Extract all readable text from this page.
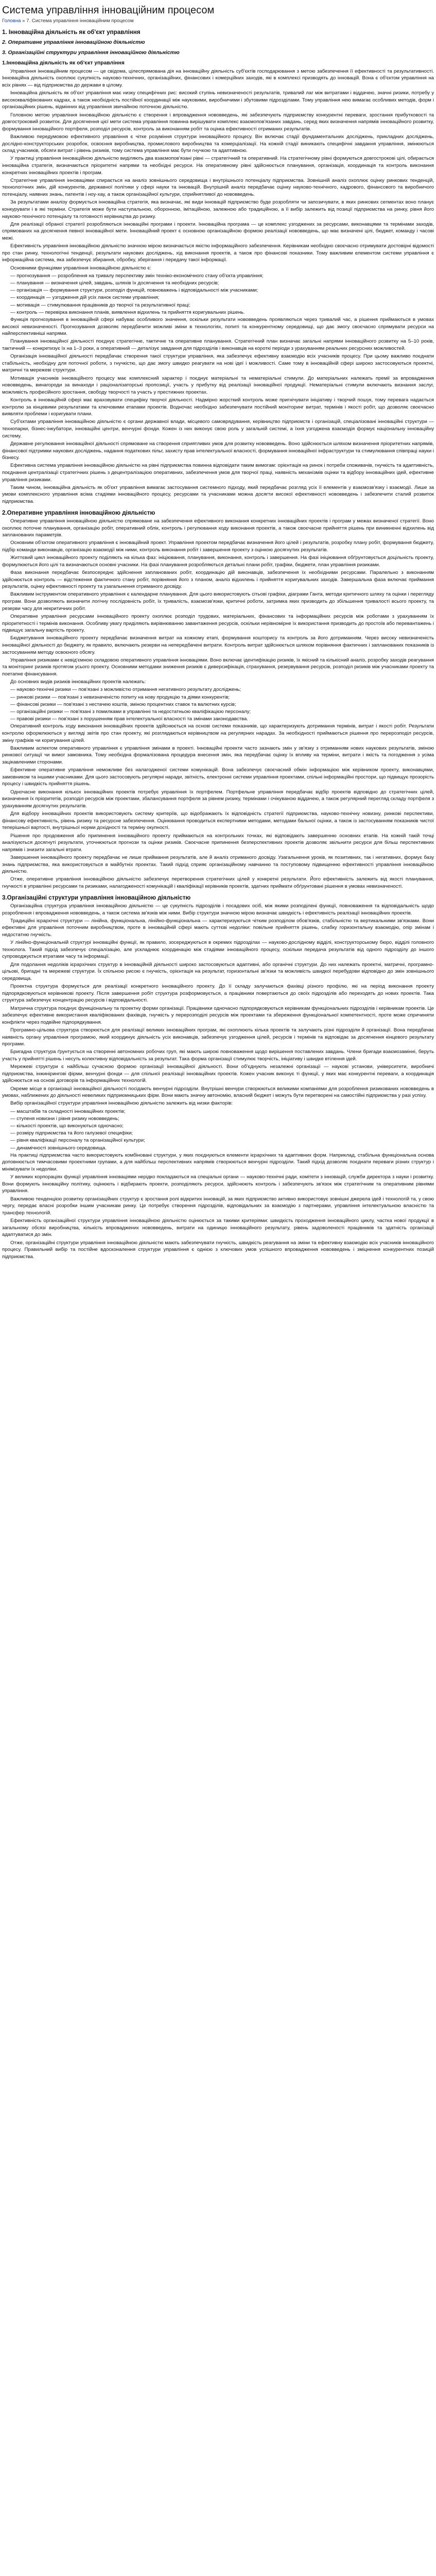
Система управління інноваційним процесом
Головна » 7. Система управління інноваційним процесом
1. Інноваційна діяльність як об'єкт управління
2. Оперативне управління інноваційною діяльністю
3. Організаційні структури управління інноваційною діяльністю
1.Інноваційна діяльність як об'єкт управління
Управління інноваційним процесом — це свідома, цілеспрямована дія на інноваційну діяльність суб'єктів господарювання з метою забезпечення її ефективності та результативності. Інноваційна діяльність охоплює сукупність науково-технічних, організаційних, фінансових і комерційних заходів, які в комплексі призводять до інновацій. Вона є об'єктом управління на всіх рівнях — від підприємства до держави в цілому.
Інноваційна діяльність як об'єкт управління має низку специфічних рис: високий ступінь невизначеності результатів, тривалий лаг між витратами і віддачею, значні ризики, потребу у висококваліфікованих кадрах, а також необхідність постійної координації між науковими, виробничими і збутовими підрозділами. Тому управління нею вимагає особливих методів, форм і організаційних рішень, відмінних від управління звичайною поточною діяльністю.
Головною метою управління інноваційною діяльністю є створення і впровадження нововведень, які забезпечують підприємству конкурентні переваги, зростання прибутковості та довгостроковий розвиток. Для досягнення цієї мети система управління повинна вирішувати комплекс взаємопов'язаних завдань, серед яких визначення напрямів інноваційного розвитку, формування інноваційного портфеля, розподіл ресурсів, контроль за виконанням робіт та оцінка ефективності отриманих результатів.
Важливою передумовою ефективного управління є чітке розуміння структури інноваційного процесу. Він включає стадії фундаментальних досліджень, прикладних досліджень, дослідно-конструкторських розробок, освоєння виробництва, промислового виробництва та комерціалізації. На кожній стадії виникають специфічні завдання управління, змінюються склад учасників, обсяги витрат і рівень ризиків, тому система управління має бути гнучкою та адаптивною.
У практиці управління інноваційною діяльністю виділяють два взаємопов'язані рівні — стратегічний та оперативний. На стратегічному рівні формуються довгострокові цілі, обирається інноваційна стратегія, визначаються пріоритетні напрями та необхідні ресурси. На оперативному рівні здійснюється планування, організація, координація та контроль виконання конкретних інноваційних проектів і програм.
Стратегічне управління інноваціями спирається на аналіз зовнішнього середовища і внутрішнього потенціалу підприємства. Зовнішній аналіз охоплює оцінку ринкових тенденцій, технологічних змін, дій конкурентів, державної політики у сфері науки та інновацій. Внутрішній аналіз передбачає оцінку науково-технічного, кадрового, фінансового та виробничого потенціалу, наявних знань, патентів і ноу-хау, а також організаційної культури, сприйнятливої до нововведень.
За результатами аналізу формується інноваційна стратегія, яка визначає, які види інновацій підприємство буде розробляти чи запозичувати, в яких ринкових сегментах воно планує конкурувати і в які терміни. Стратегія може бути наступальною, оборонною, імітаційною, залежною або традиційною, а її вибір залежить від позиції підприємства на ринку, рівня його науково-технічного потенціалу та готовності керівництва до ризику.
Для реалізації обраної стратегії розробляються інноваційні програми і проекти. Інноваційна програма — це комплекс узгоджених за ресурсами, виконавцями та термінами заходів, спрямованих на досягнення певної інноваційної мети. Інноваційний проект є основною організаційною формою реалізації нововведень, що має визначені цілі, бюджет, команду і часові межі.
Ефективність управління інноваційною діяльністю значною мірою визначається якістю інформаційного забезпечення. Керівникам необхідно своєчасно отримувати достовірні відомості про стан ринку, технологічні тенденції, результати наукових досліджень, хід виконання проектів, а також про фінансові показники. Тому важливим елементом системи управління є інформаційна система, яка забезпечує збирання, обробку, зберігання і передачу такої інформації.
Основними функціями управління інноваційною діяльністю є:
— прогнозування — розроблення на тривалу перспективу змін техніко-економічного стану об'єкта управління;
— планування — визначення цілей, завдань, шляхів їх досягнення та необхідних ресурсів;
— організація — формування структури, розподіл функцій, повноважень і відповідальності між учасниками;
— координація — узгодження дій усіх ланок системи управління;
— мотивація — стимулювання працівників до творчої та результативної праці;
— контроль — перевірка виконання планів, виявлення відхилень та прийняття коригувальних рішень.
Функція прогнозування в інноваційній сфері набуває особливого значення, оскільки результати нововведень проявляються через тривалий час, а рішення приймаються в умовах високої невизначеності. Прогнозування дозволяє передбачити можливі зміни в технологіях, попиті та конкурентному середовищі, що дає змогу своєчасно спрямувати ресурси на найперспективніші напрями.
Планування інноваційної діяльності поєднує стратегічне, тактичне та оперативне планування. Стратегічний план визначає загальні напрями інноваційного розвитку на 5–10 років, тактичний — конкретизує їх на 1–3 роки, а оперативний — деталізує завдання для підрозділів і виконавців на короткі періоди з урахуванням реальних ресурсних можливостей.
Організація інноваційної діяльності передбачає створення такої структури управління, яка забезпечує ефективну взаємодію всіх учасників процесу. При цьому важливо поєднати стабільність, необхідну для поточної роботи, з гнучкістю, що дає змогу швидко реагувати на нові ідеї і можливості. Саме тому в інноваційній сфері широко застосовуються проектні, матричні та мережеві структури.
Мотивація учасників інноваційного процесу має комплексний характер і поєднує матеріальні та нематеріальні стимули. До матеріальних належать премії за впровадження нововведень, винагороди за винаходи і раціоналізаторські пропозиції, участь у прибутку від реалізації інноваційної продукції. Нематеріальні стимули включають визнання заслуг, можливість професійного зростання, свободу творчості та участь у престижних проектах.
Контроль в інноваційній сфері має враховувати специфіку творчої діяльності. Надмірно жорсткий контроль може пригнічувати ініціативу і творчий пошук, тому перевага надається контролю за кінцевими результатами та ключовими етапами проектів. Водночас необхідно забезпечувати постійний моніторинг витрат, термінів і якості робіт, що дозволяє своєчасно виявляти проблеми і коригувати плани.
Суб'єктами управління інноваційною діяльністю є органи державної влади, місцевого самоврядування, керівництво підприємств і організацій, спеціалізовані інноваційні структури — технопарки, бізнес-інкубатори, інноваційні центри, венчурні фонди. Кожен із них виконує свою роль у загальній системі, а їхня узгоджена взаємодія формує національну інноваційну систему.
Державне регулювання інноваційної діяльності спрямоване на створення сприятливих умов для розвитку нововведень. Воно здійснюється шляхом визначення пріоритетних напрямів, фінансової підтримки наукових досліджень, надання податкових пільг, захисту прав інтелектуальної власності, формування інноваційної інфраструктури та стимулювання співпраці науки і бізнесу.
Ефективна система управління інноваційною діяльністю на рівні підприємства повинна відповідати таким вимогам: орієнтація на ринок і потреби споживачів, гнучкість та адаптивність, поєднання централізації стратегічних рішень з децентралізацією оперативних, забезпечення умов для творчої праці, наявність механізмів оцінки та відбору інноваційних ідей, ефективне управління ризиками.
Таким чином, інноваційна діяльність як об'єкт управління вимагає застосування системного підходу, який передбачає розгляд усіх її елементів у взаємозв'язку і взаємодії. Лише за умови комплексного управління всіма стадіями інноваційного процесу, ресурсами та учасниками можна досягти високої ефективності нововведень і забезпечити сталий розвиток підприємства.
2.Оперативне управління інноваційною діяльністю
Оперативне управління інноваційною діяльністю спрямоване на забезпечення ефективного виконання конкретних інноваційних проектів і програм у межах визначеної стратегії. Воно охоплює поточне планування, організацію робіт, оперативний облік, контроль і регулювання ходу виконання проектів, а також своєчасне прийняття рішень при виникненні відхилень від запланованих параметрів.
Основним об'єктом оперативного управління є інноваційний проект. Управління проектом передбачає визначення його цілей і результатів, розробку плану робіт, формування бюджету, підбір команди виконавців, організацію взаємодії між ними, контроль виконання робіт і завершення проекту з оцінкою досягнутих результатів.
Життєвий цикл інноваційного проекту поділяють на кілька фаз: ініціювання, планування, виконання, контроль і завершення. На фазі ініціювання обґрунтовується доцільність проекту, формулюються його цілі та визначаються основні учасники. На фазі планування розробляються детальні плани робіт, графіки, бюджети, план управління ризиками.
Фаза виконання передбачає безпосереднє здійснення запланованих робіт, координацію дій виконавців, забезпечення їх необхідними ресурсами. Паралельно з виконанням здійснюється контроль — відстеження фактичного стану робіт, порівняння його з планом, аналіз відхилень і прийняття коригувальних заходів. Завершальна фаза включає приймання результатів, оцінку ефективності проекту та узагальнення отриманого досвіду.
Важливим інструментом оперативного управління є календарне планування. Для цього використовують сітьові графіки, діаграми Ганта, методи критичного шляху та оцінки і перегляду програм. Вони дозволяють визначити логічну послідовність робіт, їх тривалість, взаємозв'язки, критичні роботи, затримка яких призводить до збільшення тривалості всього проекту, та резерви часу для некритичних робіт.
Оперативне управління ресурсами інноваційного проекту охоплює розподіл трудових, матеріальних, фінансових та інформаційних ресурсів між роботами з урахуванням їх пріоритетності і термінів виконання. Особливу увагу приділяють вирівнюванню завантаження ресурсів, оскільки нерівномірне їх використання призводить до простоїв або перевантажень і підвищує загальну вартість проекту.
Бюджетування інноваційного проекту передбачає визначення витрат на кожному етапі, формування кошторису та контроль за його дотриманням. Через високу невизначеність інноваційної діяльності до бюджету, як правило, включають резерви на непередбачені витрати. Контроль витрат здійснюється шляхом порівняння фактичних і запланованих показників із застосуванням методу освоєного обсягу.
Управління ризиками є невід'ємною складовою оперативного управління інноваціями. Воно включає ідентифікацію ризиків, їх якісний та кількісний аналіз, розробку заходів реагування та моніторинг ризиків протягом усього проекту. Основними методами зниження ризиків є диверсифікація, страхування, резервування ресурсів, розподіл ризиків між учасниками проекту та поетапне фінансування.
До основних видів ризиків інноваційних проектів належать:
— науково-технічні ризики — пов'язані з можливістю отримання негативного результату досліджень;
— ринкові ризики — пов'язані з невизначеністю попиту на нову продукцію та діями конкурентів;
— фінансові ризики — пов'язані з нестачею коштів, зміною процентних ставок та валютних курсів;
— організаційні ризики — пов'язані з помилками в управлінні та недостатньою кваліфікацією персоналу;
— правові ризики — пов'язані з порушенням прав інтелектуальної власності та змінами законодавства.
Оперативний контроль ходу виконання інноваційних проектів здійснюється на основі системи показників, що характеризують дотримання термінів, витрат і якості робіт. Результати контролю оформлюються у вигляді звітів про стан проекту, які розглядаються керівництвом на регулярних нарадах. За необхідності приймаються рішення про перерозподіл ресурсів, зміну графіків чи коригування цілей.
Важливим аспектом оперативного управління є управління змінами в проекті. Інноваційні проекти часто зазнають змін у зв'язку з отриманням нових наукових результатів, зміною ринкової ситуації чи вимог замовника. Тому необхідна формалізована процедура внесення змін, яка передбачає оцінку їх впливу на терміни, витрати і якість та погодження з усіма зацікавленими сторонами.
Ефективне оперативне управління неможливе без налагодженої системи комунікацій. Вона забезпечує своєчасний обмін інформацією між керівником проекту, виконавцями, замовником та іншими учасниками. Для цього застосовують регулярні наради, звітність, електронні системи управління проектами, спільні інформаційні простори, що підвищує прозорість процесу і швидкість прийняття рішень.
Одночасне виконання кількох інноваційних проектів потребує управління їх портфелем. Портфельне управління передбачає відбір проектів відповідно до стратегічних цілей, визначення їх пріоритетів, розподіл ресурсів між проектами, збалансування портфеля за рівнем ризику, термінами і очікуваною віддачею, а також регулярний перегляд складу портфеля з урахуванням досягнутих результатів.
Для відбору інноваційних проектів використовують систему критеріїв, що відображають їх відповідність стратегії підприємства, науково-технічну новизну, ринкові перспективи, фінансову ефективність, рівень ризику та ресурсне забезпечення. Оцінювання проводиться експертними методами, методами бальної оцінки, а також із застосуванням показників чистої теперішньої вартості, внутрішньої норми дохідності та терміну окупності.
Рішення про продовження або припинення інноваційного проекту приймаються на контрольних точках, які відповідають завершенню основних етапів. На кожній такій точці аналізуються досягнуті результати, уточнюються прогнози та оцінки ризиків. Своєчасне припинення безперспективних проектів дозволяє звільнити ресурси для більш перспективних напрямів і знизити загальні втрати.
Завершення інноваційного проекту передбачає не лише приймання результатів, але й аналіз отриманого досвіду. Узагальнення уроків, як позитивних, так і негативних, формує базу знань підприємства, яка використовується в майбутніх проектах. Такий підхід сприяє організаційному навчанню та поступовому підвищенню ефективності управління інноваційною діяльністю.
Отже, оперативне управління інноваційною діяльністю забезпечує перетворення стратегічних цілей у конкретні результати. Його ефективність залежить від якості планування, гнучкості в управлінні ресурсами та ризиками, налагодженості комунікацій і кваліфікації керівників проектів, здатних приймати обґрунтовані рішення в умовах невизначеності.
3.Організаційні структури управління інноваційною діяльністю
Організаційна структура управління інноваційною діяльністю — це сукупність підрозділів і посадових осіб, між якими розподілені функції, повноваження та відповідальність щодо розроблення і впровадження нововведень, а також система зв'язків між ними. Вибір структури значною мірою визначає швидкість і ефективність реалізації інноваційних проектів.
Традиційні ієрархічні структури — лінійна, функціональна, лінійно-функціональна — характеризуються чітким розподілом обов'язків, стабільністю та вертикальними зв'язками. Вони ефективні для управління поточним виробництвом, проте в інноваційній сфері мають суттєві недоліки: повільне прийняття рішень, слабку горизонтальну взаємодію, опір змінам і недостатню гнучкість.
У лінійно-функціональній структурі інноваційні функції, як правило, зосереджуються в окремих підрозділах — науково-дослідному відділі, конструкторському бюро, відділі головного технолога. Такий підхід забезпечує спеціалізацію, але ускладнює координацію між стадіями інноваційного процесу, оскільки передача результатів від одного підрозділу до іншого супроводжується втратами часу та інформації.
Для подолання недоліків ієрархічних структур в інноваційній діяльності широко застосовуються адаптивні, або органічні структури. До них належать проектні, матричні, програмно-цільові, бригадні та мережеві структури. Їх спільною рисою є гнучкість, орієнтація на результат, горизонтальні зв'язки та можливість швидкої перебудови відповідно до змін зовнішнього середовища.
Проектна структура формується для реалізації конкретного інноваційного проекту. До її складу залучаються фахівці різного профілю, які на період виконання проекту підпорядковуються керівникові проекту. Після завершення робіт структура розформовується, а працівники повертаються до своїх підрозділів або переходять до нових проектів. Така структура забезпечує концентрацію ресурсів і відповідальності.
Матрична структура поєднує функціональну та проектну форми організації. Працівники одночасно підпорядковуються керівникам функціональних підрозділів і керівникам проектів. Це забезпечує ефективне використання кваліфікованих фахівців, гнучкість у перерозподілі ресурсів між проектами та збереження функціональної компетентності, проте може спричиняти конфлікти через подвійне підпорядкування.
Програмно-цільова структура створюється для реалізації великих інноваційних програм, які охоплюють кілька проектів та залучають різні підрозділи й організації. Вона передбачає наявність органу управління програмою, який координує діяльність усіх виконавців, забезпечує узгодження цілей, ресурсів і термінів та відповідає за досягнення кінцевого результату програми.
Бригадна структура ґрунтується на створенні автономних робочих груп, які мають широкі повноваження щодо вирішення поставлених завдань. Члени бригади взаємозамінні, беруть участь у прийнятті рішень і несуть колективну відповідальність за результат. Така форма організації стимулює творчість, ініціативу і швидке втілення ідей.
Мережеві структури є найбільш сучасною формою організації інноваційної діяльності. Вони об'єднують незалежні організації — наукові установи, університети, виробничі підприємства, інжинірингові фірми, венчурні фонди — для спільної реалізації інноваційних проектів. Кожен учасник виконує ті функції, у яких має конкурентні переваги, а координація здійснюється на основі договорів та інформаційних технологій.
Окреме місце в організації інноваційної діяльності посідають венчурні підрозділи. Внутрішні венчури створюються великими компаніями для розроблення ризикованих нововведень в умовах, наближених до діяльності невеликих підприємницьких фірм. Вони мають значну автономію, власний бюджет і можуть бути перетворені на самостійні підприємства у разі успіху.
Вибір організаційної структури управління інноваційною діяльністю залежить від низки факторів:
— масштабів та складності інноваційних проектів;
— ступеня новизни і рівня ризику нововведень;
— кількості проектів, що виконуються одночасно;
— розміру підприємства та його галузевої специфіки;
— рівня кваліфікації персоналу та організаційної культури;
— динамічності зовнішнього середовища.
На практиці підприємства часто використовують комбіновані структури, у яких поєднуються елементи ієрархічних та адаптивних форм. Наприклад, стабільна функціональна основа доповнюється тимчасовими проектними групами, а для найбільш перспективних напрямів створюються венчурні підрозділи. Такий підхід дозволяє поєднати переваги різних структур і мінімізувати їх недоліки.
У великих корпораціях функції управління інноваціями нерідко покладаються на спеціальні органи — науково-технічні ради, комітети з інновацій, служби директора з науки і розвитку. Вони формують інноваційну політику, оцінюють і відбирають проекти, розподіляють ресурси, здійснюють контроль і забезпечують зв'язок між стратегічним та оперативним рівнями управління.
Важливою тенденцією розвитку організаційних структур є зростання ролі відкритих інновацій, за яких підприємство активно використовує зовнішні джерела ідей і технологій та, у свою чергу, передає власні розробки іншим учасникам ринку. Це потребує створення підрозділів, відповідальних за взаємодію з партнерами, управління інтелектуальною власністю та трансфер технологій.
Ефективність організаційної структури управління інноваційною діяльністю оцінюється за такими критеріями: швидкість проходження інноваційного циклу, частка нової продукції в загальному обсязі виробництва, кількість впроваджених нововведень, витрати на одиницю інноваційного результату, рівень задоволеності працівників та здатність організації адаптуватися до змін.
Отже, організаційні структури управління інноваційною діяльністю мають забезпечувати гнучкість, швидкість реагування на зміни та ефективну взаємодію всіх учасників інноваційного процесу. Правильний вибір та постійне вдосконалення структури управління є однією з ключових умов успішного впровадження нововведень і зміцнення конкурентних позицій підприємства.
